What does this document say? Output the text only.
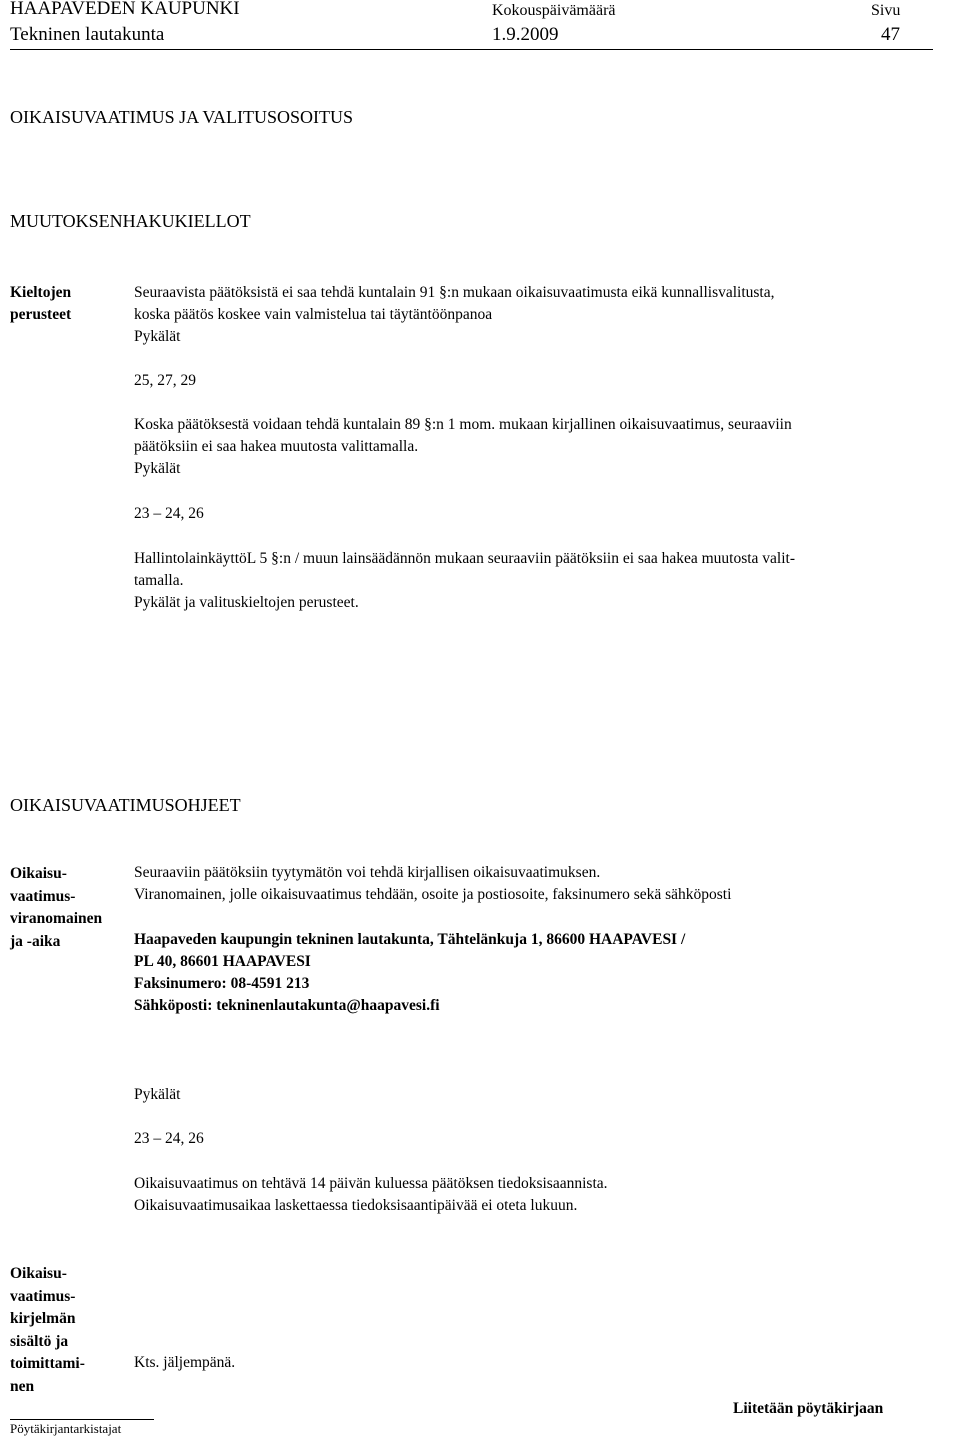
HAAPAVEDEN KAUPUNKI
Tekninen lautakunta
Kokouspäivämäärä
1.9.2009
Sivu
47
OIKAISUVAATIMUS JA VALITUSOSOITUS
MUUTOKSENHAKUKIELLOT
Kieltojen
perusteet
Seuraavista päätöksistä ei saa tehdä kuntalain 91 §:n mukaan oikaisuvaatimusta eikä kunnallisvalitusta,
koska päätös koskee vain valmistelua tai täytäntöönpanoa
Pykälät
25, 27, 29
Koska päätöksestä voidaan tehdä kuntalain 89 §:n 1 mom. mukaan kirjallinen oikaisuvaatimus, seuraaviin
päätöksiin ei saa hakea muutosta valittamalla.
Pykälät
23 – 24, 26
HallintolainkäyttöL 5 §:n / muun lainsäädännön mukaan seuraaviin päätöksiin ei saa hakea muutosta valit-
tamalla.
Pykälät ja valituskieltojen perusteet.
OIKAISUVAATIMUSOHJEET
Oikaisu-
vaatimus-
viranomainen
ja -aika
Seuraaviin päätöksiin tyytymätön voi tehdä kirjallisen oikaisuvaatimuksen.
Viranomainen, jolle oikaisuvaatimus tehdään, osoite ja postiosoite, faksinumero sekä sähköposti
Haapaveden kaupungin tekninen lautakunta, Tähtelänkuja 1, 86600 HAAPAVESI /
PL 40, 86601 HAAPAVESI
Faksinumero: 08-4591 213
Sähköposti: tekninenlautakunta@haapavesi.fi
Pykälät
23 – 24, 26
Oikaisuvaatimus on tehtävä 14 päivän kuluessa päätöksen tiedoksisaannista.
Oikaisuvaatimusaikaa laskettaessa tiedoksisaantipäivää ei oteta lukuun.
Oikaisu-
vaatimus-
kirjelmän
sisältö ja
toimittami-
nen
Kts. jäljempänä.
Pöytäkirjantarkistajat
Liitetään pöytäkirjaan
